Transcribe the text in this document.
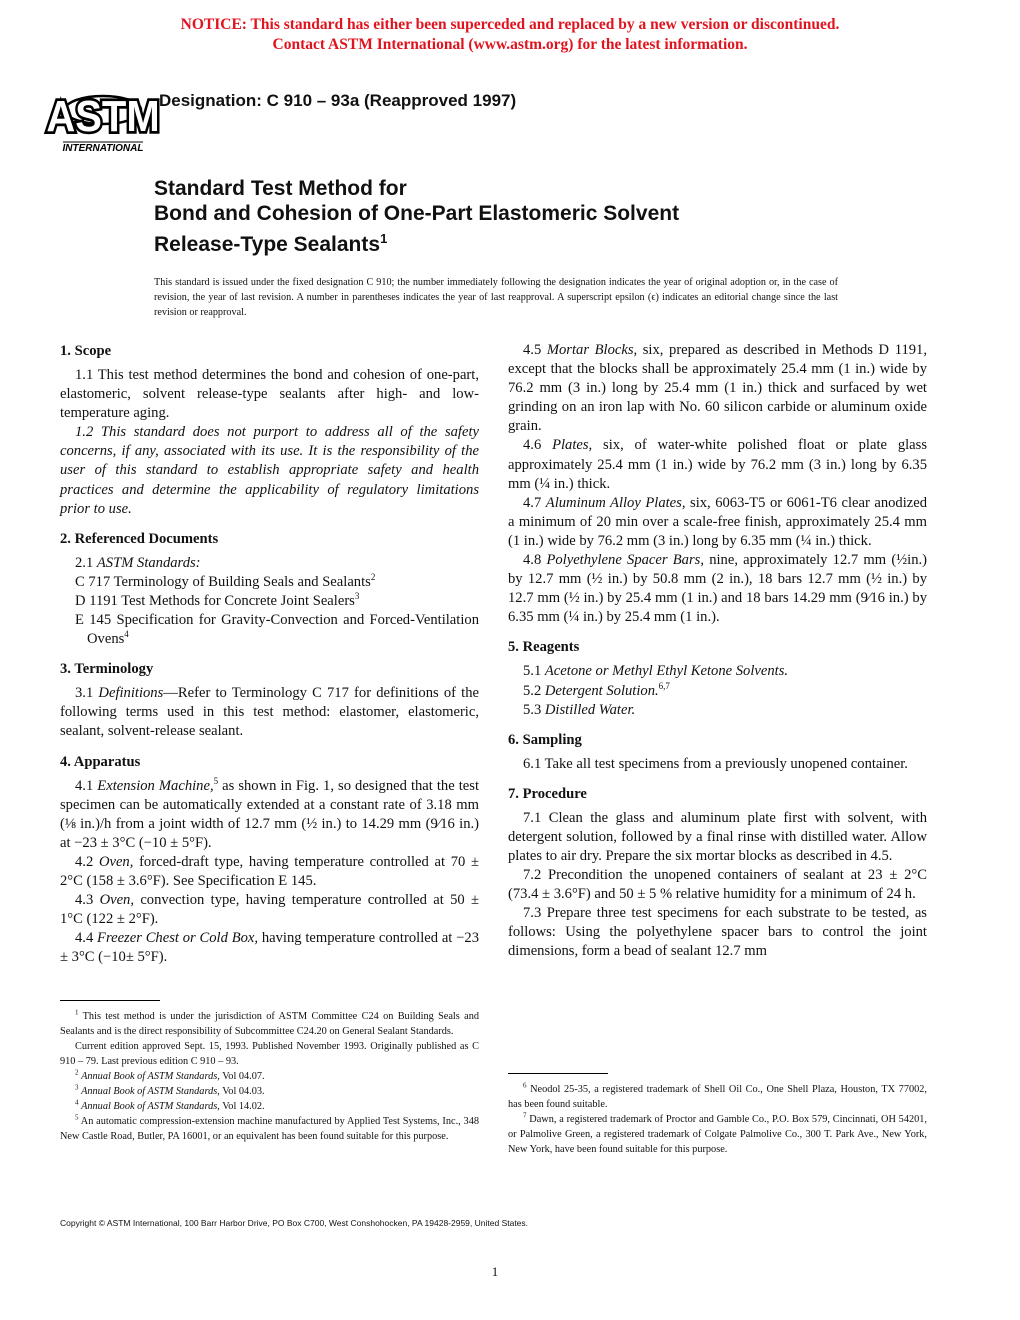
NOTICE: This standard has either been superceded and replaced by a new version or discontinued.
Contact ASTM International (www.astm.org) for the latest information.
ASTM
INTERNATIONAL
Designation: C 910 – 93a (Reapproved 1997)
Standard Test Method for
Bond and Cohesion of One-Part Elastomeric Solvent
Release-Type Sealants$^1$
This standard is issued under the fixed designation C 910; the number immediately following the designation indicates the year of original adoption or, in the case of revision, the year of last revision. A number in parentheses indicates the year of last reapproval. A superscript epsilon (ϵ) indicates an editorial change since the last revision or reapproval.
1. Scope
1.1 This test method determines the bond and cohesion of one-part, elastomeric, solvent release-type sealants after high- and low-temperature aging.
1.2 This standard does not purport to address all of the safety concerns, if any, associated with its use. It is the responsibility of the user of this standard to establish appropriate safety and health practices and determine the applicability of regulatory limitations prior to use.
2. Referenced Documents
2.1 ASTM Standards:
C 717 Terminology of Building Seals and Sealants$^2$
D 1191 Test Methods for Concrete Joint Sealers$^3$
E 145 Specification for Gravity-Convection and Forced-Ventilation Ovens$^4$
3. Terminology
3.1 Definitions—Refer to Terminology C 717 for definitions of the following terms used in this test method: elastomer, elastomeric, sealant, solvent-release sealant.
4. Apparatus
4.1 Extension Machine,$^5$ as shown in Fig. 1, so designed that the test specimen can be automatically extended at a constant rate of 3.18 mm (⅛ in.)/h from a joint width of 12.7 mm (½ in.) to 14.29 mm (9⁄16 in.) at −23 ± 3°C (−10 ± 5°F).
4.2 Oven, forced-draft type, having temperature controlled at 70 ± 2°C (158 ± 3.6°F). See Specification E 145.
4.3 Oven, convection type, having temperature controlled at 50 ± 1°C (122 ± 2°F).
4.4 Freezer Chest or Cold Box, having temperature controlled at −23 ± 3°C (−10± 5°F).
4.5 Mortar Blocks, six, prepared as described in Methods D 1191, except that the blocks shall be approximately 25.4 mm (1 in.) wide by 76.2 mm (3 in.) long by 25.4 mm (1 in.) thick and surfaced by wet grinding on an iron lap with No. 60 silicon carbide or aluminum oxide grain.
4.6 Plates, six, of water-white polished float or plate glass approximately 25.4 mm (1 in.) wide by 76.2 mm (3 in.) long by 6.35 mm (¼ in.) thick.
4.7 Aluminum Alloy Plates, six, 6063-T5 or 6061-T6 clear anodized a minimum of 20 min over a scale-free finish, approximately 25.4 mm (1 in.) wide by 76.2 mm (3 in.) long by 6.35 mm (¼ in.) thick.
4.8 Polyethylene Spacer Bars, nine, approximately 12.7 mm (½in.) by 12.7 mm (½ in.) by 50.8 mm (2 in.), 18 bars 12.7 mm (½ in.) by 12.7 mm (½ in.) by 25.4 mm (1 in.) and 18 bars 14.29 mm (9⁄16 in.) by 6.35 mm (¼ in.) by 25.4 mm (1 in.).
5. Reagents
5.1 Acetone or Methyl Ethyl Ketone Solvents.
5.2 Detergent Solution.$^{6,7}$
5.3 Distilled Water.
6. Sampling
6.1 Take all test specimens from a previously unopened container.
7. Procedure
7.1 Clean the glass and aluminum plate first with solvent, with detergent solution, followed by a final rinse with distilled water. Allow plates to air dry. Prepare the six mortar blocks as described in 4.5.
7.2 Precondition the unopened containers of sealant at 23 ± 2°C (73.4 ± 3.6°F) and 50 ± 5 % relative humidity for a minimum of 24 h.
7.3 Prepare three test specimens for each substrate to be tested, as follows: Using the polyethylene spacer bars to control the joint dimensions, form a bead of sealant 12.7 mm
$^1$ This test method is under the jurisdiction of ASTM Committee C24 on Building Seals and Sealants and is the direct responsibility of Subcommittee C24.20 on General Sealant Standards.
Current edition approved Sept. 15, 1993. Published November 1993. Originally published as C 910 – 79. Last previous edition C 910 – 93.
$^2$ Annual Book of ASTM Standards, Vol 04.07.
$^3$ Annual Book of ASTM Standards, Vol 04.03.
$^4$ Annual Book of ASTM Standards, Vol 14.02.
$^5$ An automatic compression-extension machine manufactured by Applied Test Systems, Inc., 348 New Castle Road, Butler, PA 16001, or an equivalent has been found suitable for this purpose.
$^6$ Neodol 25-35, a registered trademark of Shell Oil Co., One Shell Plaza, Houston, TX 77002, has been found suitable.
$^7$ Dawn, a registered trademark of Proctor and Gamble Co., P.O. Box 579, Cincinnati, OH 54201, or Palmolive Green, a registered trademark of Colgate Palmolive Co., 300 T. Park Ave., New York, New York, have been found suitable for this purpose.
Copyright © ASTM International, 100 Barr Harbor Drive, PO Box C700, West Conshohocken, PA 19428-2959, United States.
1
